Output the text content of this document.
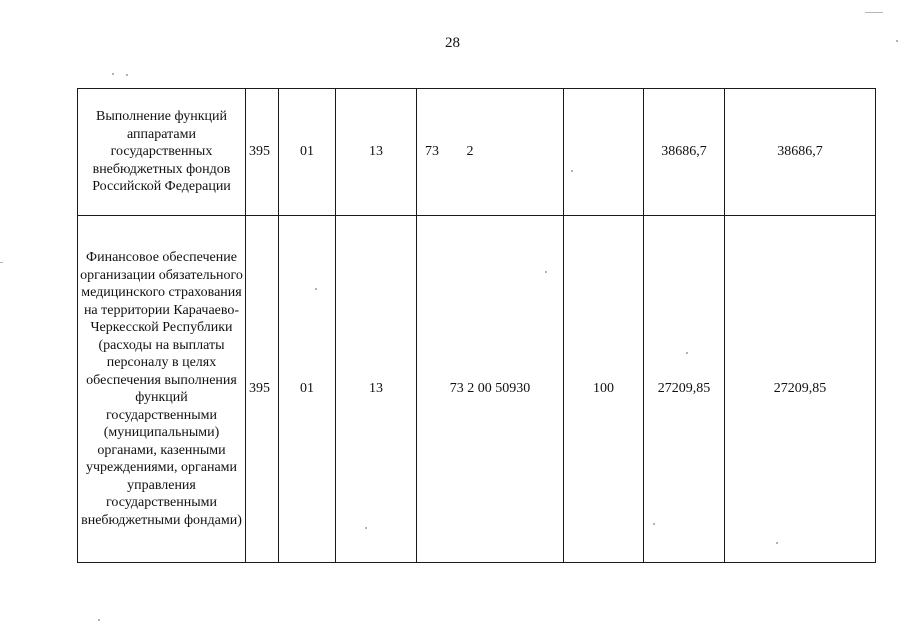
28
Выполнение функций аппаратами государственных внебюджетных фондов Российской Федерации	395	01	13	73 2		38686,7	38686,7
Финансовое обеспечение организации обязательного медицинского страхования на территории Карачаево-Черкесской Республики (расходы на выплаты персоналу в целях обеспечения выполнения функций государственными (муниципальными) органами, казенными учреждениями, органами управления государственными внебюджетными фондами)	395	01	13	73 2 00 50930	100	27209,85	27209,85
